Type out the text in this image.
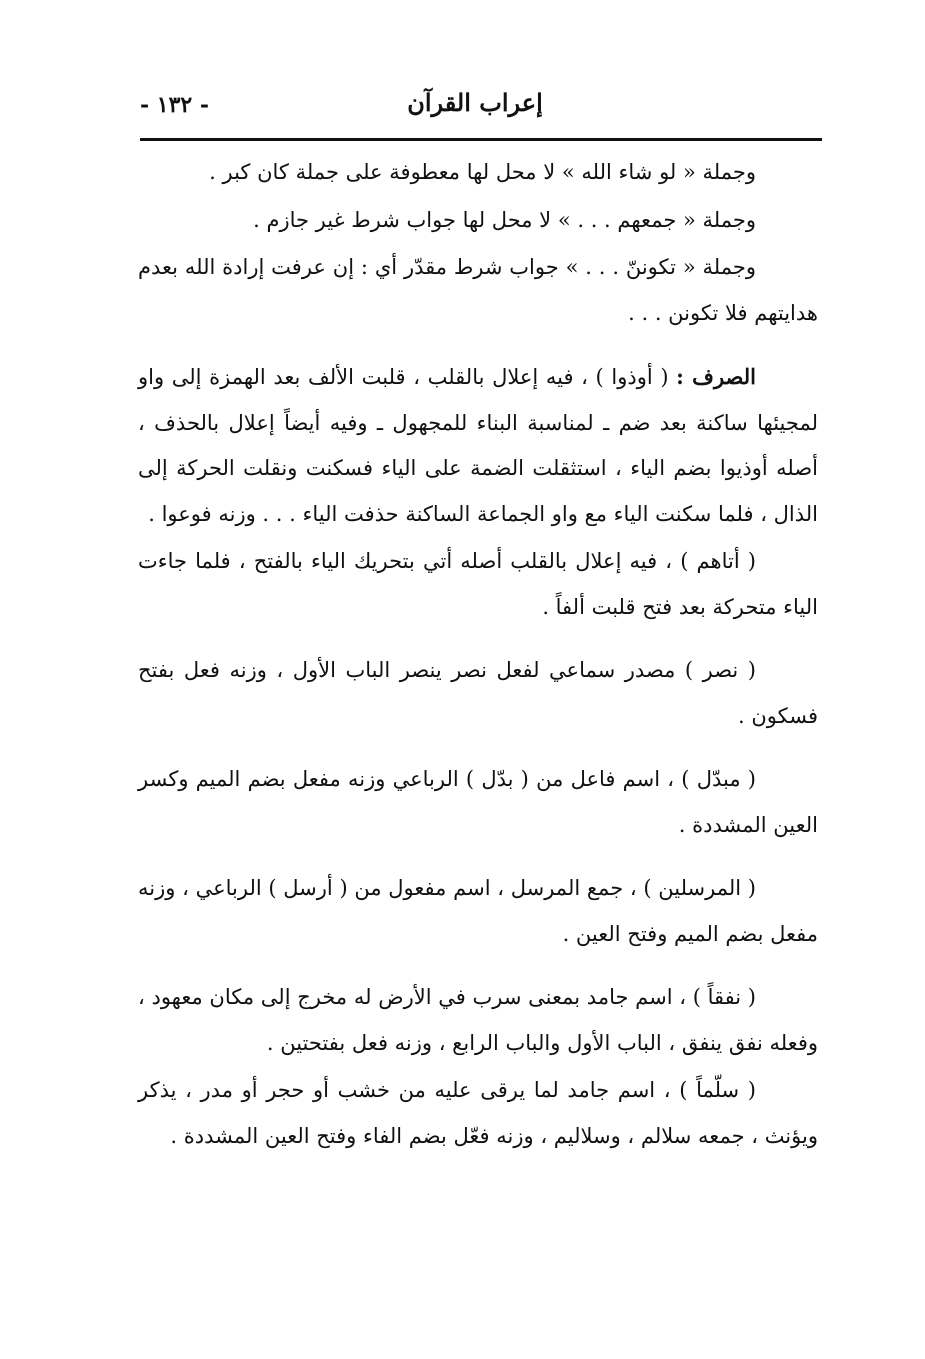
- ١٣٢ -	إعراب القرآن

وجملة « لو شاء الله » لا محل لها معطوفة على جملة كان كبر .

وجملة « جمعهم . . . » لا محل لها جواب شرط غير جازم .

وجملة « تكوننّ . . . » جواب شرط مقدّر أي : إن عرفت إرادة الله بعدم هدايتهم فلا تكونن . . .

الصرف : ( أوذوا ) ، فيه إعلال بالقلب ، قلبت الألف بعد الهمزة إلى واو لمجيئها ساكنة بعد ضم ـ لمناسبة البناء للمجهول ـ وفيه أيضاً إعلال بالحذف ، أصله أوذيوا بضم الياء ، استثقلت الضمة على الياء فسكنت ونقلت الحركة إلى الذال ، فلما سكنت الياء مع واو الجماعة الساكنة حذفت الياء . . . وزنه فوعوا .

( أتاهم ) ، فيه إعلال بالقلب أصله أتي بتحريك الياء بالفتح ، فلما جاءت الياء متحركة بعد فتح قلبت ألفاً .

( نصر ) مصدر سماعي لفعل نصر ينصر الباب الأول ، وزنه فعل بفتح فسكون .

( مبدّل ) ، اسم فاعل من ( بدّل ) الرباعي وزنه مفعل بضم الميم وكسر العين المشددة .

( المرسلين ) ، جمع المرسل ، اسم مفعول من ( أرسل ) الرباعي ، وزنه مفعل بضم الميم وفتح العين .

( نفقاً ) ، اسم جامد بمعنى سرب في الأرض له مخرج إلى مكان معهود ، وفعله نفق ينفق ، الباب الأول والباب الرابع ، وزنه فعل بفتحتين .

( سلّماً ) ، اسم جامد لما يرقى عليه من خشب أو حجر أو مدر ، يذكر ويؤنث ، جمعه سلالم ، وسلاليم ، وزنه فعّل بضم الفاء وفتح العين المشددة .
